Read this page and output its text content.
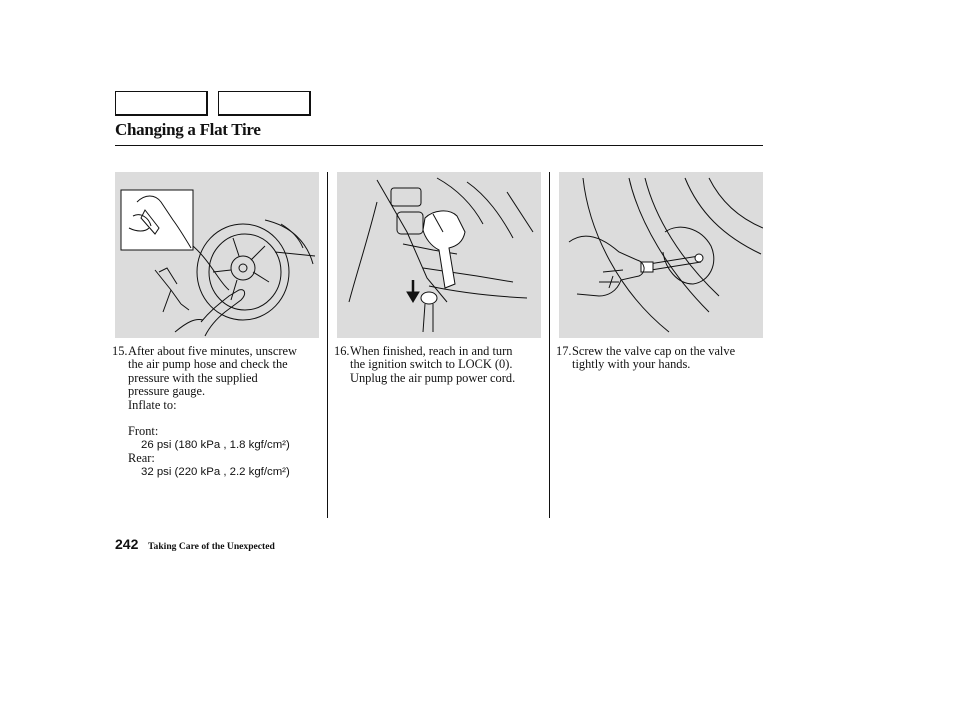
Changing a Flat Tire
15. After about five minutes, unscrew
the air pump hose and check the
pressure with the supplied
pressure gauge.
Inflate to:
Front:
26 psi (180 kPa , 1.8 kgf/cm²)
Rear:
32 psi (220 kPa , 2.2 kgf/cm²)
16. When finished, reach in and turn
the ignition switch to LOCK (0).
Unplug the air pump power cord.
17. Screw the valve cap on the valve
tightly with your hands.
242 Taking Care of the Unexpected
